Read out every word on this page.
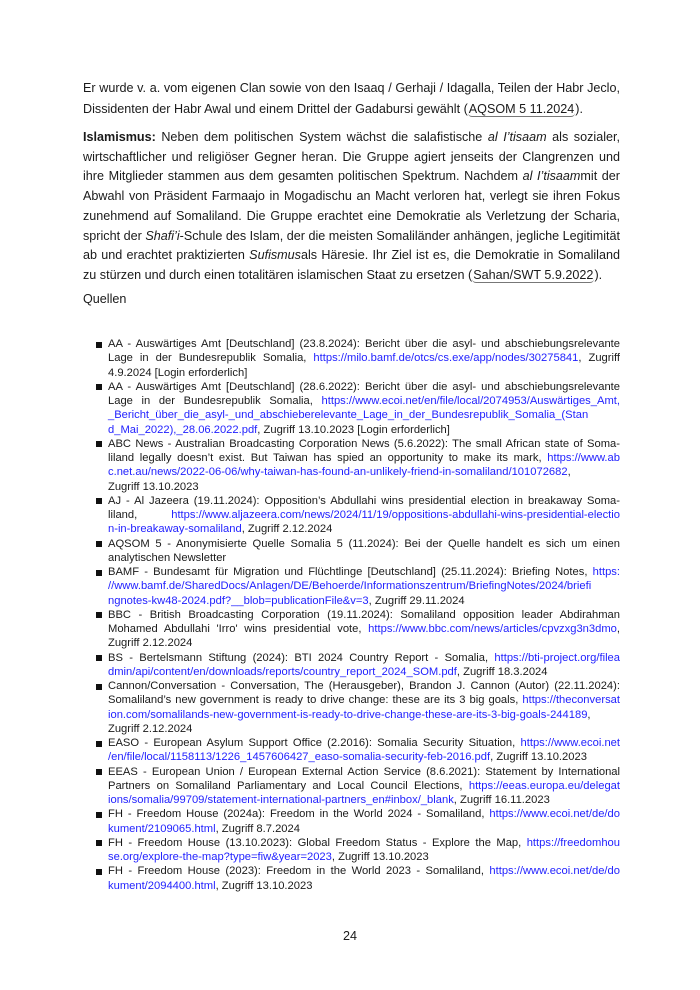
Er wurde v. a. vom eigenen Clan sowie von den Isaaq / Gerhaji / Idagalla, Teilen der Habr Jeclo,
Dissidenten der Habr Awal und einem Drittel der Gadabursi gewählt (AQSOM 5 11.2024).
Islamismus: Neben dem politischen System wächst die salafistische al I’tisaam als sozialer,
wirtschaftlicher und religiöser Gegner heran. Die Gruppe agiert jenseits der Clangrenzen und
ihre Mitglieder stammen aus dem gesamten politischen Spektrum. Nachdem al I’tisaammit der
Abwahl von Präsident Farmaajo in Mogadischu an Macht verloren hat, verlegt sie ihren Fokus
zunehmend auf Somaliland. Die Gruppe erachtet eine Demokratie als Verletzung der Scharia,
spricht der Shafi’i-Schule des Islam, der die meisten Somaliländer anhängen, jegliche Legitimität
ab und erachtet praktizierten Sufismusals Häresie. Ihr Ziel ist es, die Demokratie in Somaliland
zu stürzen und durch einen totalitären islamischen Staat zu ersetzen (Sahan/SWT 5.9.2022).
Quellen
AA - Auswärtiges Amt [Deutschland] (23.8.2024): Bericht über die asyl- und abschiebungsrelevante
Lage in der Bundesrepublik Somalia, https://milo.bamf.de/otcs/cs.exe/app/nodes/30275841, Zugriff
4.9.2024 [Login erforderlich]
AA - Auswärtiges Amt [Deutschland] (28.6.2022): Bericht über die asyl- und abschiebungsrelevante
Lage in der Bundesrepublik Somalia, https://www.ecoi.net/en/file/local/2074953/Auswärtiges_Amt,
_Bericht_über_die_asyl-_und_abschieberelevante_Lage_in_der_Bundesrepublik_Somalia_(Stan
d_Mai_2022),_28.06.2022.pdf, Zugriff 13.10.2023 [Login erforderlich]
ABC News - Australian Broadcasting Corporation News (5.6.2022): The small African state of Soma-
liland legally doesn’t exist. But Taiwan has spied an opportunity to make its mark, https://www.ab
c.net.au/news/2022-06-06/why-taiwan-has-found-an-unlikely-friend-in-somaliland/101072682,
Zugriff 13.10.2023
AJ - Al Jazeera (19.11.2024): Opposition’s Abdullahi wins presidential election in breakaway Soma-
liland, https://www.aljazeera.com/news/2024/11/19/oppositions-abdullahi-wins-presidential-electio
n-in-breakaway-somaliland, Zugriff 2.12.2024
AQSOM 5 - Anonymisierte Quelle Somalia 5 (11.2024): Bei der Quelle handelt es sich um einen
analytischen Newsletter
BAMF - Bundesamt für Migration und Flüchtlinge [Deutschland] (25.11.2024): Briefing Notes, https:
//www.bamf.de/SharedDocs/Anlagen/DE/Behoerde/Informationszentrum/BriefingNotes/2024/briefi
ngnotes-kw48-2024.pdf?__blob=publicationFile&v=3, Zugriff 29.11.2024
BBC - British Broadcasting Corporation (19.11.2024): Somaliland opposition leader Abdirahman
Mohamed Abdullahi 'Irro' wins presidential vote, https://www.bbc.com/news/articles/cpvzxg3n3dmo,
Zugriff 2.12.2024
BS - Bertelsmann Stiftung (2024): BTI 2024 Country Report - Somalia, https://bti-project.org/filea
dmin/api/content/en/downloads/reports/country_report_2024_SOM.pdf, Zugriff 18.3.2024
Cannon/Conversation - Conversation, The (Herausgeber), Brandon J. Cannon (Autor) (22.11.2024):
Somaliland’s new government is ready to drive change: these are its 3 big goals, https://theconversat
ion.com/somalilands-new-government-is-ready-to-drive-change-these-are-its-3-big-goals-244189,
Zugriff 2.12.2024
EASO - European Asylum Support Office (2.2016): Somalia Security Situation, https://www.ecoi.net
/en/file/local/1158113/1226_1457606427_easo-somalia-security-feb-2016.pdf, Zugriff 13.10.2023
EEAS - European Union / European External Action Service (8.6.2021): Statement by International
Partners on Somaliland Parliamentary and Local Council Elections, https://eeas.europa.eu/delegat
ions/somalia/99709/statement-international-partners_en#inbox/_blank, Zugriff 16.11.2023
FH - Freedom House (2024a): Freedom in the World 2024 - Somaliland, https://www.ecoi.net/de/do
kument/2109065.html, Zugriff 8.7.2024
FH - Freedom House (13.10.2023): Global Freedom Status - Explore the Map, https://freedomhou
se.org/explore-the-map?type=fiw&year=2023, Zugriff 13.10.2023
FH - Freedom House (2023): Freedom in the World 2023 - Somaliland, https://www.ecoi.net/de/do
kument/2094400.html, Zugriff 13.10.2023
24
